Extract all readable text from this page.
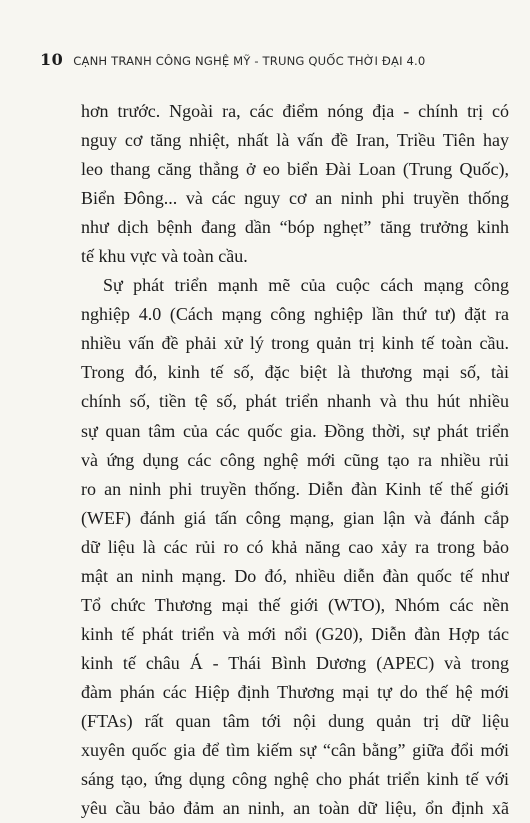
10 CẠNH TRANH CÔNG NGHỆ MỸ - TRUNG QUỐC THỜI ĐẠI 4.0

hơn trước. Ngoài ra, các điểm nóng địa - chính trị có
nguy cơ tăng nhiệt, nhất là vấn đề Iran, Triều Tiên hay
leo thang căng thẳng ở eo biển Đài Loan (Trung Quốc),
Biển Đông... và các nguy cơ an ninh phi truyền thống
như dịch bệnh đang dần “bóp nghẹt” tăng trưởng kinh
tế khu vực và toàn cầu.

Sự phát triển mạnh mẽ của cuộc cách mạng công
nghiệp 4.0 (Cách mạng công nghiệp lần thứ tư) đặt ra
nhiều vấn đề phải xử lý trong quản trị kinh tế toàn cầu.
Trong đó, kinh tế số, đặc biệt là thương mại số, tài
chính số, tiền tệ số, phát triển nhanh và thu hút nhiều
sự quan tâm của các quốc gia. Đồng thời, sự phát triển
và ứng dụng các công nghệ mới cũng tạo ra nhiều rủi
ro an ninh phi truyền thống. Diễn đàn Kinh tế thế giới
(WEF) đánh giá tấn công mạng, gian lận và đánh cắp
dữ liệu là các rủi ro có khả năng cao xảy ra trong bảo
mật an ninh mạng. Do đó, nhiều diễn đàn quốc tế như
Tổ chức Thương mại thế giới (WTO), Nhóm các nền
kinh tế phát triển và mới nổi (G20), Diễn đàn Hợp tác
kinh tế châu Á - Thái Bình Dương (APEC) và trong
đàm phán các Hiệp định Thương mại tự do thế hệ mới
(FTAs) rất quan tâm tới nội dung quản trị dữ liệu
xuyên quốc gia để tìm kiếm sự “cân bằng” giữa đổi mới
sáng tạo, ứng dụng công nghệ cho phát triển kinh tế với
yêu cầu bảo đảm an ninh, an toàn dữ liệu, ổn định xã
